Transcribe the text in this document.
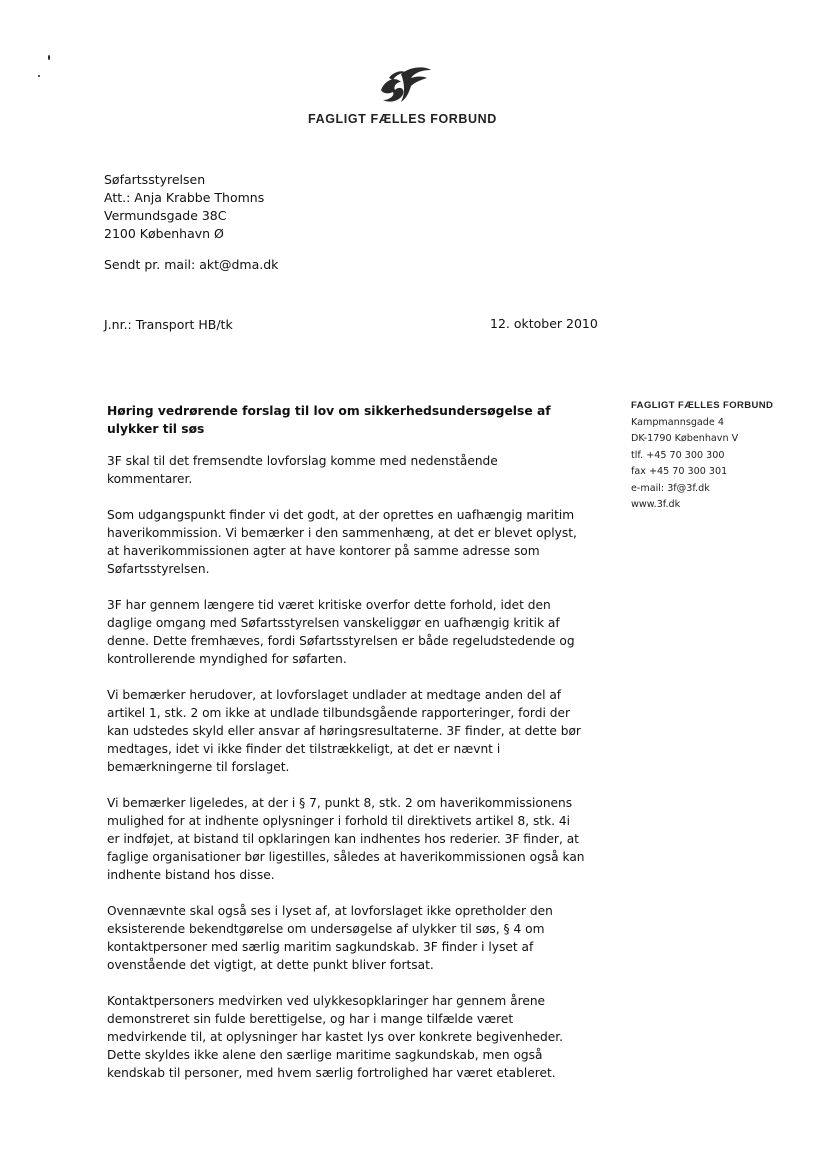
FAGLIGT FÆLLES FORBUND
Søfartsstyrelsen
Att.: Anja Krabbe Thomns
Vermundsgade 38C
2100 København Ø
Sendt pr. mail: akt@dma.dk
J.nr.: Transport HB/tk	12. oktober 2010
Høring vedrørende forslag til lov om sikkerhedsundersøgelse af
ulykker til søs
FAGLIGT FÆLLES FORBUND
Kampmannsgade 4
DK-1790 København V
tlf. +45 70 300 300
fax +45 70 300 301
e-mail: 3f@3f.dk
www.3f.dk

3F skal til det fremsendte lovforslag komme med nedenstående
kommentarer.

Som udgangspunkt finder vi det godt, at der oprettes en uafhængig maritim
haverikommission. Vi bemærker i den sammenhæng, at det er blevet oplyst,
at haverikommissionen agter at have kontorer på samme adresse som
Søfartsstyrelsen.

3F har gennem længere tid været kritiske overfor dette forhold, idet den
daglige omgang med Søfartsstyrelsen vanskeliggør en uafhængig kritik af
denne. Dette fremhæves, fordi Søfartsstyrelsen er både regeludstedende og
kontrollerende myndighed for søfarten.

Vi bemærker herudover, at lovforslaget undlader at medtage anden del af
artikel 1, stk. 2 om ikke at undlade tilbundsgående rapporteringer, fordi der
kan udstedes skyld eller ansvar af høringsresultaterne. 3F finder, at dette bør
medtages, idet vi ikke finder det tilstrækkeligt, at det er nævnt i
bemærkningerne til forslaget.

Vi bemærker ligeledes, at der i § 7, punkt 8, stk. 2 om haverikommissionens
mulighed for at indhente oplysninger i forhold til direktivets artikel 8, stk. 4i
er indføjet, at bistand til opklaringen kan indhentes hos rederier. 3F finder, at
faglige organisationer bør ligestilles, således at haverikommissionen også kan
indhente bistand hos disse.

Ovennævnte skal også ses i lyset af, at lovforslaget ikke opretholder den
eksisterende bekendtgørelse om undersøgelse af ulykker til søs, § 4 om
kontaktpersoner med særlig maritim sagkundskab. 3F finder i lyset af
ovenstående det vigtigt, at dette punkt bliver fortsat.

Kontaktpersoners medvirken ved ulykkesopklaringer har gennem årene
demonstreret sin fulde berettigelse, og har i mange tilfælde været
medvirkende til, at oplysninger har kastet lys over konkrete begivenheder.
Dette skyldes ikke alene den særlige maritime sagkundskab, men også
kendskab til personer, med hvem særlig fortrolighed har været etableret.
